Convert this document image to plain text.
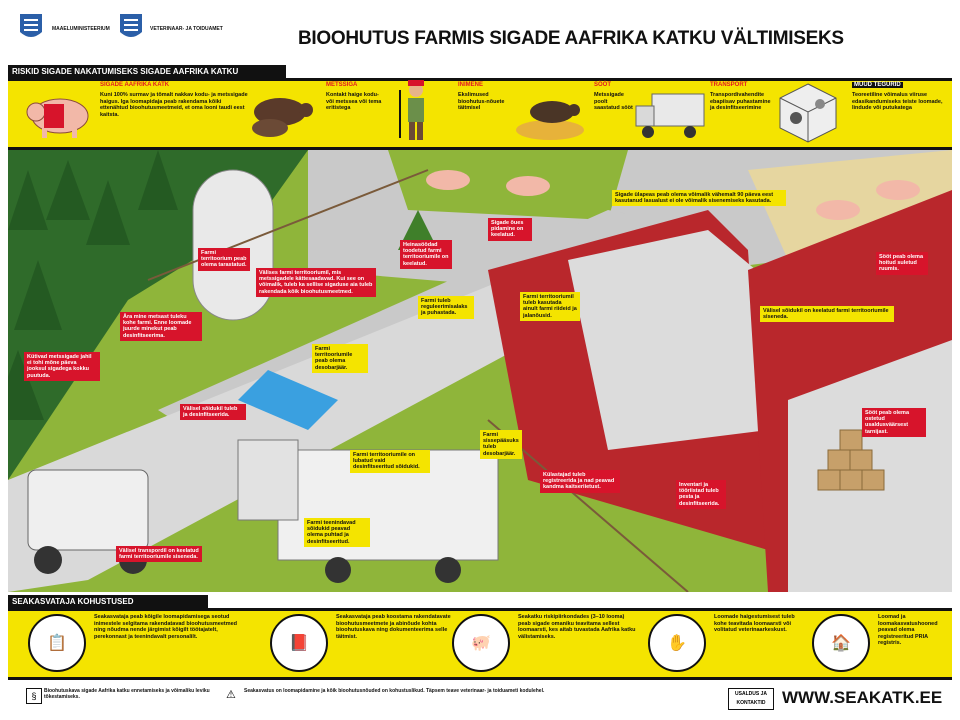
MAAELUMINISTEERIUM	VETERINAAR- JA TOIDUAMET	BIOOHUTUS FARMIS SIGADE AAFRIKA KATKU VÄLTIMISEKS
RISKID SIGADE NAKATUMISEKS SIGADE AAFRIKA KATKU
SIGADE AAFRIKA KATK
Kuni 100% surmav ja tõmalt nakkav kodu- ja metssigade haigus. Iga loomapidaja peab rakendama kõiki ettenähtud bioohutusmeetmeid, et oma looni taudi eest kaitsta.
METSSIGA
Kontakt haige kodu- või metssea või tema eritistega
INIMENE
Ekslimused bioohutus-nõuete täitmisel
SÖÖT
Metssigade poolt saastatud sööt
TRANSPORT
Transpordivahendite ebapiisav puhastamine ja desinfitseerimine
MUUD TEGURID
Teoreetiline võimalus viiruse edasikandumiseks teiste loomade, lindude või putukatega
Farmi territoorium peab olema tarastatud.
Välises farmi territooriumil, mis metssigadele kättesaadavad. Kui see on võimalik, tuleb ka sellise sigaduse aia tuleb rakendada kõik bioohutusmeetmed.
Heinasöödad toodetud farmi territooriumile on keelatud.
Sigade õues pidamine on keelatud.
Sigade ülapeas peab olema võimalik vähemalt 90 päeva eest kasutanud lasualust ei ole võimalik sisenemiseks kasutada.
Ära mine metsast tuleku kohe farmi. Enne loomade juurde minekut peab desinfitseerima.
Kütivad metssigade jahil ei tohi mõne päeva jooksul sigadega kokku puutuda.
Farmi tuleb reguleerimisalaks ja puhastada.
Farmi territooriumile peab olema desobarjäär.
Farmi sissepääsuks tuleb desobarjäär.
Farmi territooriumile on lubatud vaid desinfitseeritud sõidukid.
Välisel sõidukil tuleb ja desinfitseerida.
Farmi territooriumil tuleb kasutada ainult farmi riideid ja jalanõusid.
Sööt peab olema hoitud suletud ruumis.
Välisel sõidukil on keelatud farmi territooriumile siseneda.
Külastajad tuleb registreerida ja nad peavad kandma kaitseriietust.
Välisel transpordil on keelatud farmi territooriumile siseneda.
Farmi teenindavad sõidukid peavad olema puhtad ja desinfitseeritud.
Inventari ja tööriistad tuleb pesta ja desinfitseerida.
Sööt peab olema ostetud usaldusväärsest tarnijast.
SEAKASVATAJA KOHUSTUSED
📋
Seakasvataja peab kõigile loomapidamisega seotud inimestele selgitama rakendatavad bioohutusmeetmed ning nõudma nende järgimist kõigilt töötajatelt, perekonnast ja teenindavalt personalilt.	📕
Seakasvataja peab koostama rakendatavate bioohutusmeetmete ja abinõude kohta bioohutuskava ning dokumenteerima selle täitmist.	🐖
Seakatku riskipiirkondades (3–10 looma) peab sigade omaniku teavitama sellest loomaarsti, kes aitab tuvastada Aafrika katku välistamiseks.	✋
Loomade haigestumisest tuleb kohe teavitada loomaarsti või volitatud veterinaarkeskust.
🏠
Loomad ja loomakasvatushooned peavad olema registreeritud PRIA registris.
§	Bioohutuskava sigade Aafrika katku ennetamiseks ja võimaliku leviku tõkestamiseks.	⚠	Seakasvatus on loomapidamine ja kõik bioohutusnõuded on kohustuslikud. Täpsem teave veterinaar- ja toiduameti kodulehel.	USALDUS JA KONTAKTID WWW.SEAKATK.EE
